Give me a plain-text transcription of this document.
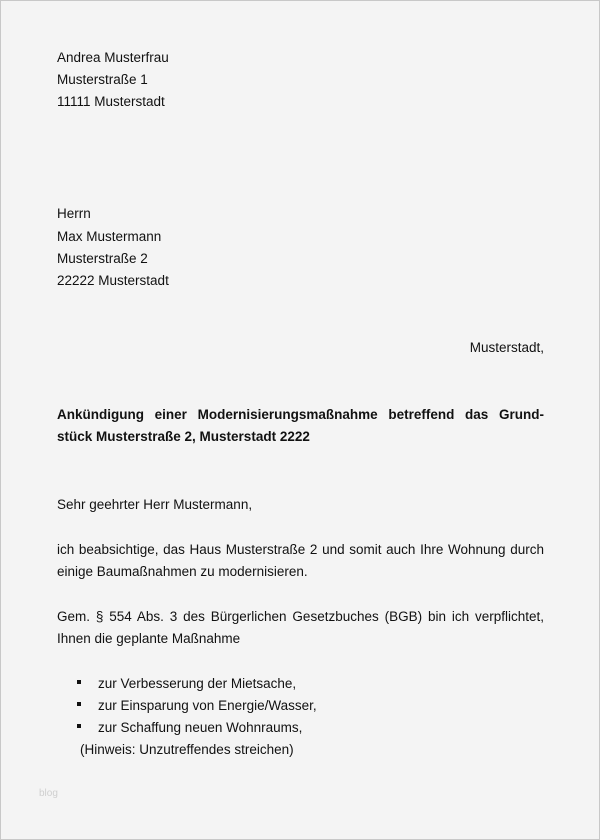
Andrea Musterfrau
Musterstraße 1
11111 Musterstadt
Herrn
Max Mustermann
Musterstraße 2
22222 Musterstadt
Musterstadt,
Ankündigung einer Modernisierungsmaßnahme betreffend das Grund-
stück Musterstraße 2, Musterstadt 2222
Sehr geehrter Herr Mustermann,
ich beabsichtige, das Haus Musterstraße 2 und somit auch Ihre Wohnung durch
einige Baumaßnahmen zu modernisieren.
Gem. § 554 Abs. 3 des Bürgerlichen Gesetzbuches (BGB) bin ich verpflichtet,
Ihnen die geplante Maßnahme
zur Verbesserung der Mietsache,
zur Einsparung von Energie/Wasser,
zur Schaffung neuen Wohnraums,
(Hinweis: Unzutreffendes streichen)
blog
